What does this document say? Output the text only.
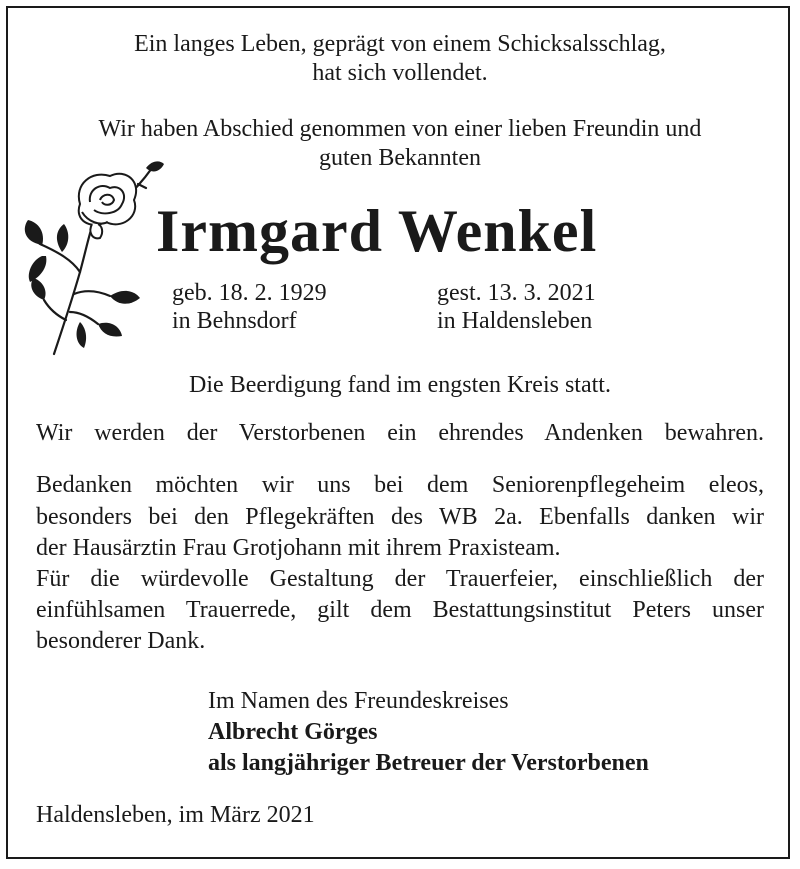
Ein langes Leben, geprägt von einem Schicksalsschlag,
hat sich vollendet.
Wir haben Abschied genommen von einer lieben Freundin und
guten Bekannten
Irmgard Wenkel
geb. 18. 2. 1929
in Behnsdorf
gest. 13. 3. 2021
in Haldensleben
Die Beerdigung fand im engsten Kreis statt.
Wir werden der Verstorbenen ein ehrendes Andenken bewahren.
Bedanken möchten wir uns bei dem Seniorenpflegeheim eleos,
besonders bei den Pflegekräften des WB 2a. Ebenfalls danken wir
der Hausärztin Frau Grotjohann mit ihrem Praxisteam.
Für die würdevolle Gestaltung der Trauerfeier, einschließlich der
einfühlsamen Trauerrede, gilt dem Bestattungsinstitut Peters unser
besonderer Dank.
Im Namen des Freundeskreises
Albrecht Görges
als langjähriger Betreuer der Verstorbenen
Haldensleben, im März 2021
